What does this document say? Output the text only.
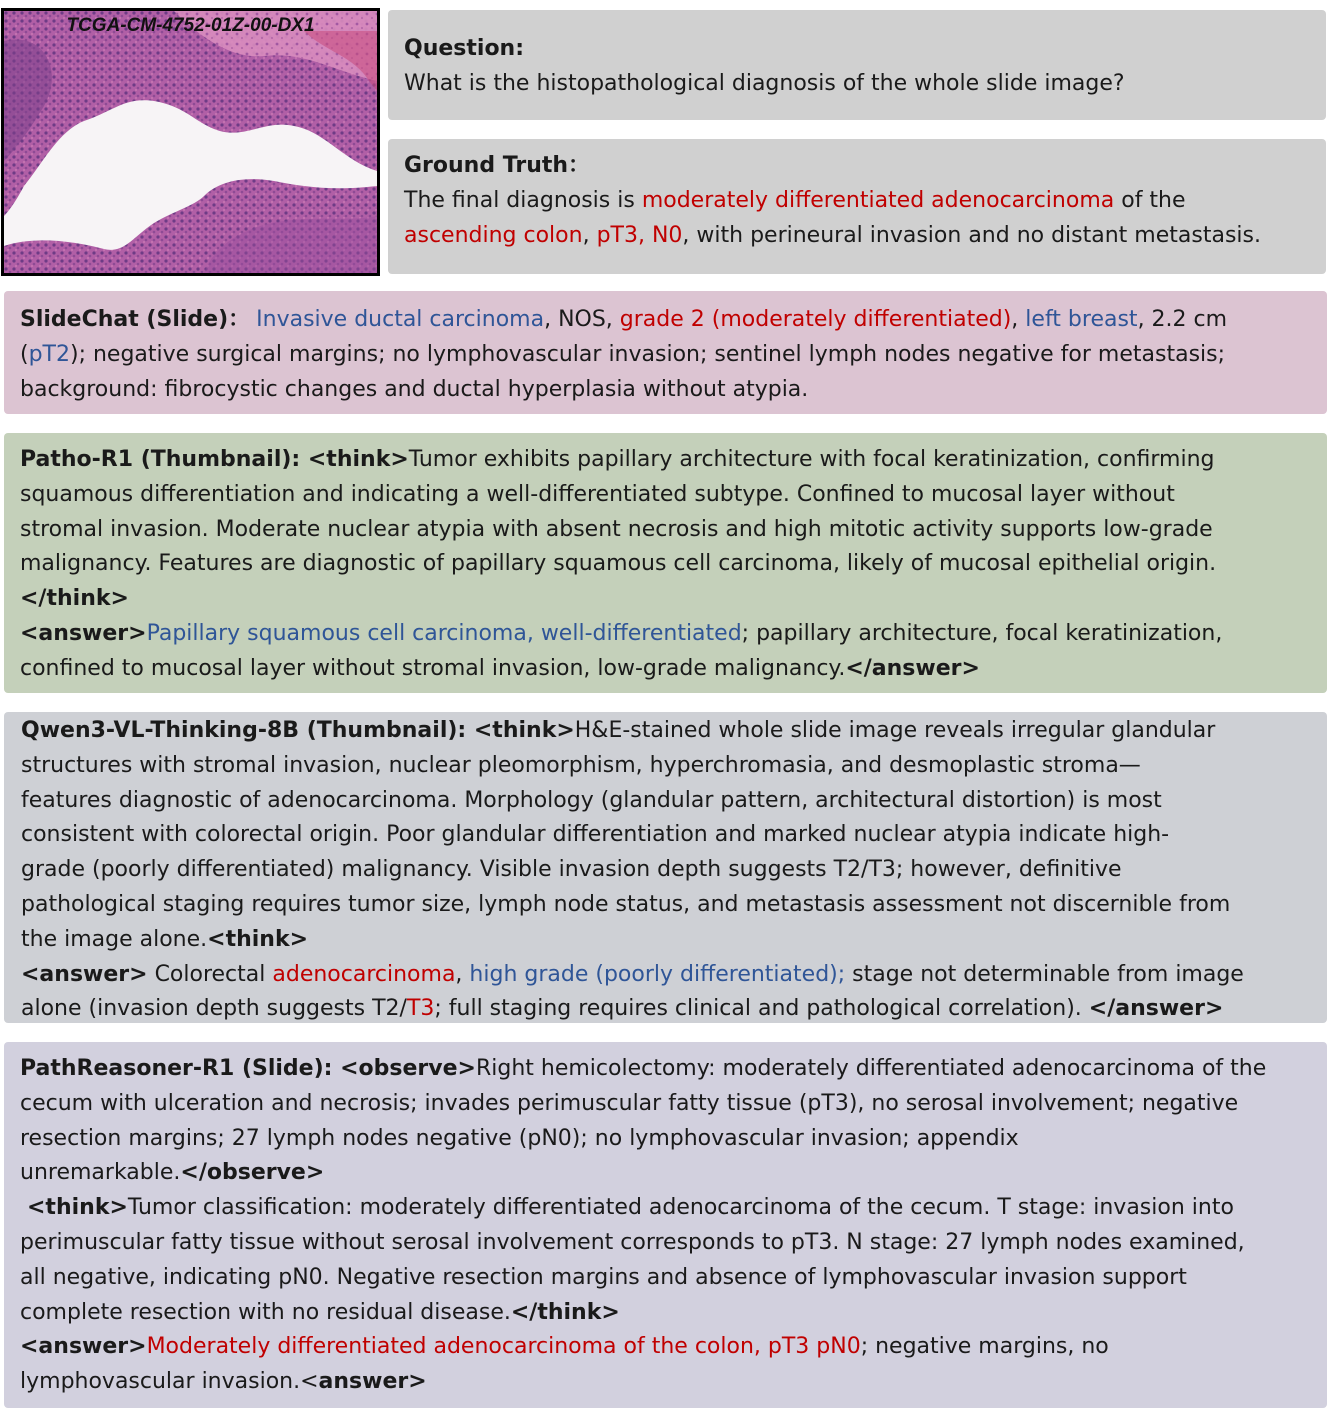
TCGA-CM-4752-01Z-00-DX1

Question:

What is the histopathological diagnosis of the whole slide image?

Ground Truth：

The final diagnosis is moderately differentiated adenocarcinoma of the

ascending colon, pT3, N0, with perineural invasion and no distant metastasis.

SlideChat (Slide)： Invasive ductal carcinoma, NOS, grade 2 (moderately differentiated), left breast, 2.2 cm

(pT2); negative surgical margins; no lymphovascular invasion; sentinel lymph nodes negative for metastasis;

background: fibrocystic changes and ductal hyperplasia without atypia.

Patho-R1 (Thumbnail): <think>Tumor exhibits papillary architecture with focal keratinization, confirming

squamous differentiation and indicating a well-differentiated subtype. Confined to mucosal layer without

stromal invasion. Moderate nuclear atypia with absent necrosis and high mitotic activity supports low-grade

malignancy. Features are diagnostic of papillary squamous cell carcinoma, likely of mucosal epithelial origin.

</think>

<answer>Papillary squamous cell carcinoma, well-differentiated; papillary architecture, focal keratinization,

confined to mucosal layer without stromal invasion, low-grade malignancy.</answer>

Qwen3-VL-Thinking-8B (Thumbnail): <think>H&E-stained whole slide image reveals irregular glandular

structures with stromal invasion, nuclear pleomorphism, hyperchromasia, and desmoplastic stroma—

features diagnostic of adenocarcinoma. Morphology (glandular pattern, architectural distortion) is most

consistent with colorectal origin. Poor glandular differentiation and marked nuclear atypia indicate high-

grade (poorly differentiated) malignancy. Visible invasion depth suggests T2/T3; however, definitive

pathological staging requires tumor size, lymph node status, and metastasis assessment not discernible from

the image alone.<think>

<answer> Colorectal adenocarcinoma, high grade (poorly differentiated); stage not determinable from image

alone (invasion depth suggests T2/T3; full staging requires clinical and pathological correlation). </answer>

PathReasoner-R1 (Slide): <observe>Right hemicolectomy: moderately differentiated adenocarcinoma of the

cecum with ulceration and necrosis; invades perimuscular fatty tissue (pT3), no serosal involvement; negative

resection margins; 27 lymph nodes negative (pN0); no lymphovascular invasion; appendix

unremarkable.</observe>

<think>Tumor classification: moderately differentiated adenocarcinoma of the cecum. T stage: invasion into

perimuscular fatty tissue without serosal involvement corresponds to pT3. N stage: 27 lymph nodes examined,

all negative, indicating pN0. Negative resection margins and absence of lymphovascular invasion support

complete resection with no residual disease.</think>

<answer>Moderately differentiated adenocarcinoma of the colon, pT3 pN0; negative margins, no

lymphovascular invasion.<answer>
